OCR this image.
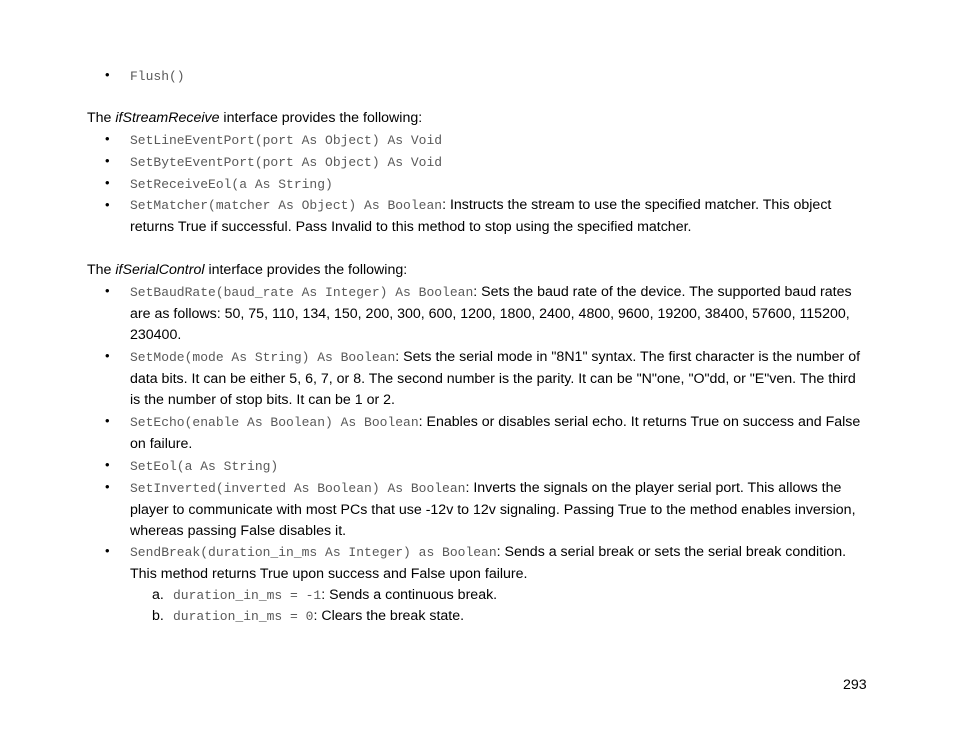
• Flush()
The ifStreamReceive interface provides the following:
• SetLineEventPort(port As Object) As Void
• SetByteEventPort(port As Object) As Void
• SetReceiveEol(a As String)
• SetMatcher(matcher As Object) As Boolean: Instructs the stream to use the specified matcher. This object returns True if successful. Pass Invalid to this method to stop using the specified matcher.
The ifSerialControl interface provides the following:
• SetBaudRate(baud_rate As Integer) As Boolean: Sets the baud rate of the device. The supported baud rates are as follows: 50, 75, 110, 134, 150, 200, 300, 600, 1200, 1800, 2400, 4800, 9600, 19200, 38400, 57600, 115200, 230400.
• SetMode(mode As String) As Boolean: Sets the serial mode in "8N1" syntax. The first character is the number of data bits. It can be either 5, 6, 7, or 8. The second number is the parity. It can be "N"one, "O"dd, or "E"ven. The third is the number of stop bits. It can be 1 or 2.
• SetEcho(enable As Boolean) As Boolean: Enables or disables serial echo. It returns True on success and False on failure.
• SetEol(a As String)
• SetInverted(inverted As Boolean) As Boolean: Inverts the signals on the player serial port. This allows the player to communicate with most PCs that use -12v to 12v signaling. Passing True to the method enables inversion, whereas passing False disables it.
• SendBreak(duration_in_ms As Integer) as Boolean: Sends a serial break or sets the serial break condition. This method returns True upon success and False upon failure.
a. duration_in_ms = -1: Sends a continuous break.
b. duration_in_ms = 0: Clears the break state.
293
